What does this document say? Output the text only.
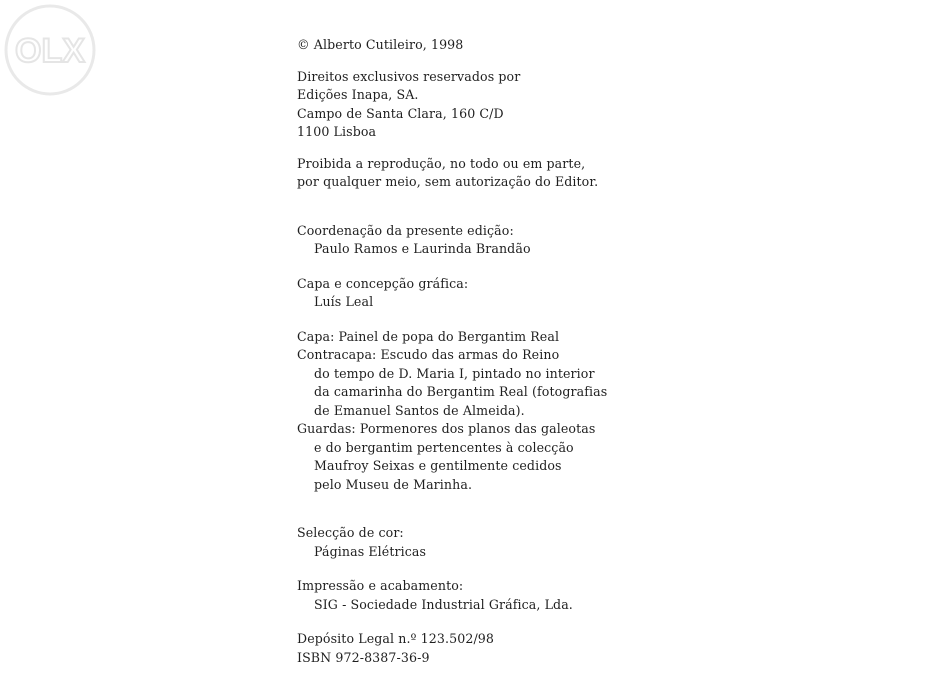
OLX	© Alberto Cutileiro, 1998
Direitos exclusivos reservados por
Edições Inapa, SA.
Campo de Santa Clara, 160 C/D
1100 Lisboa
Proibida a reprodução, no todo ou em parte,
por qualquer meio, sem autorização do Editor.
Coordenação da presente edição:
Paulo Ramos e Laurinda Brandão
Capa e concepção gráfica:
Luís Leal
Capa: Painel de popa do Bergantim Real
Contracapa: Escudo das armas do Reino
do tempo de D. Maria I, pintado no interior
da camarinha do Bergantim Real (fotografias
de Emanuel Santos de Almeida).
Guardas: Pormenores dos planos das galeotas
e do bergantim pertencentes à colecção
Maufroy Seixas e gentilmente cedidos
pelo Museu de Marinha.
Selecção de cor:
Páginas Elétricas
Impressão e acabamento:
SIG - Sociedade Industrial Gráfica, Lda.
Depósito Legal n.º 123.502/98
ISBN 972-8387-36-9
